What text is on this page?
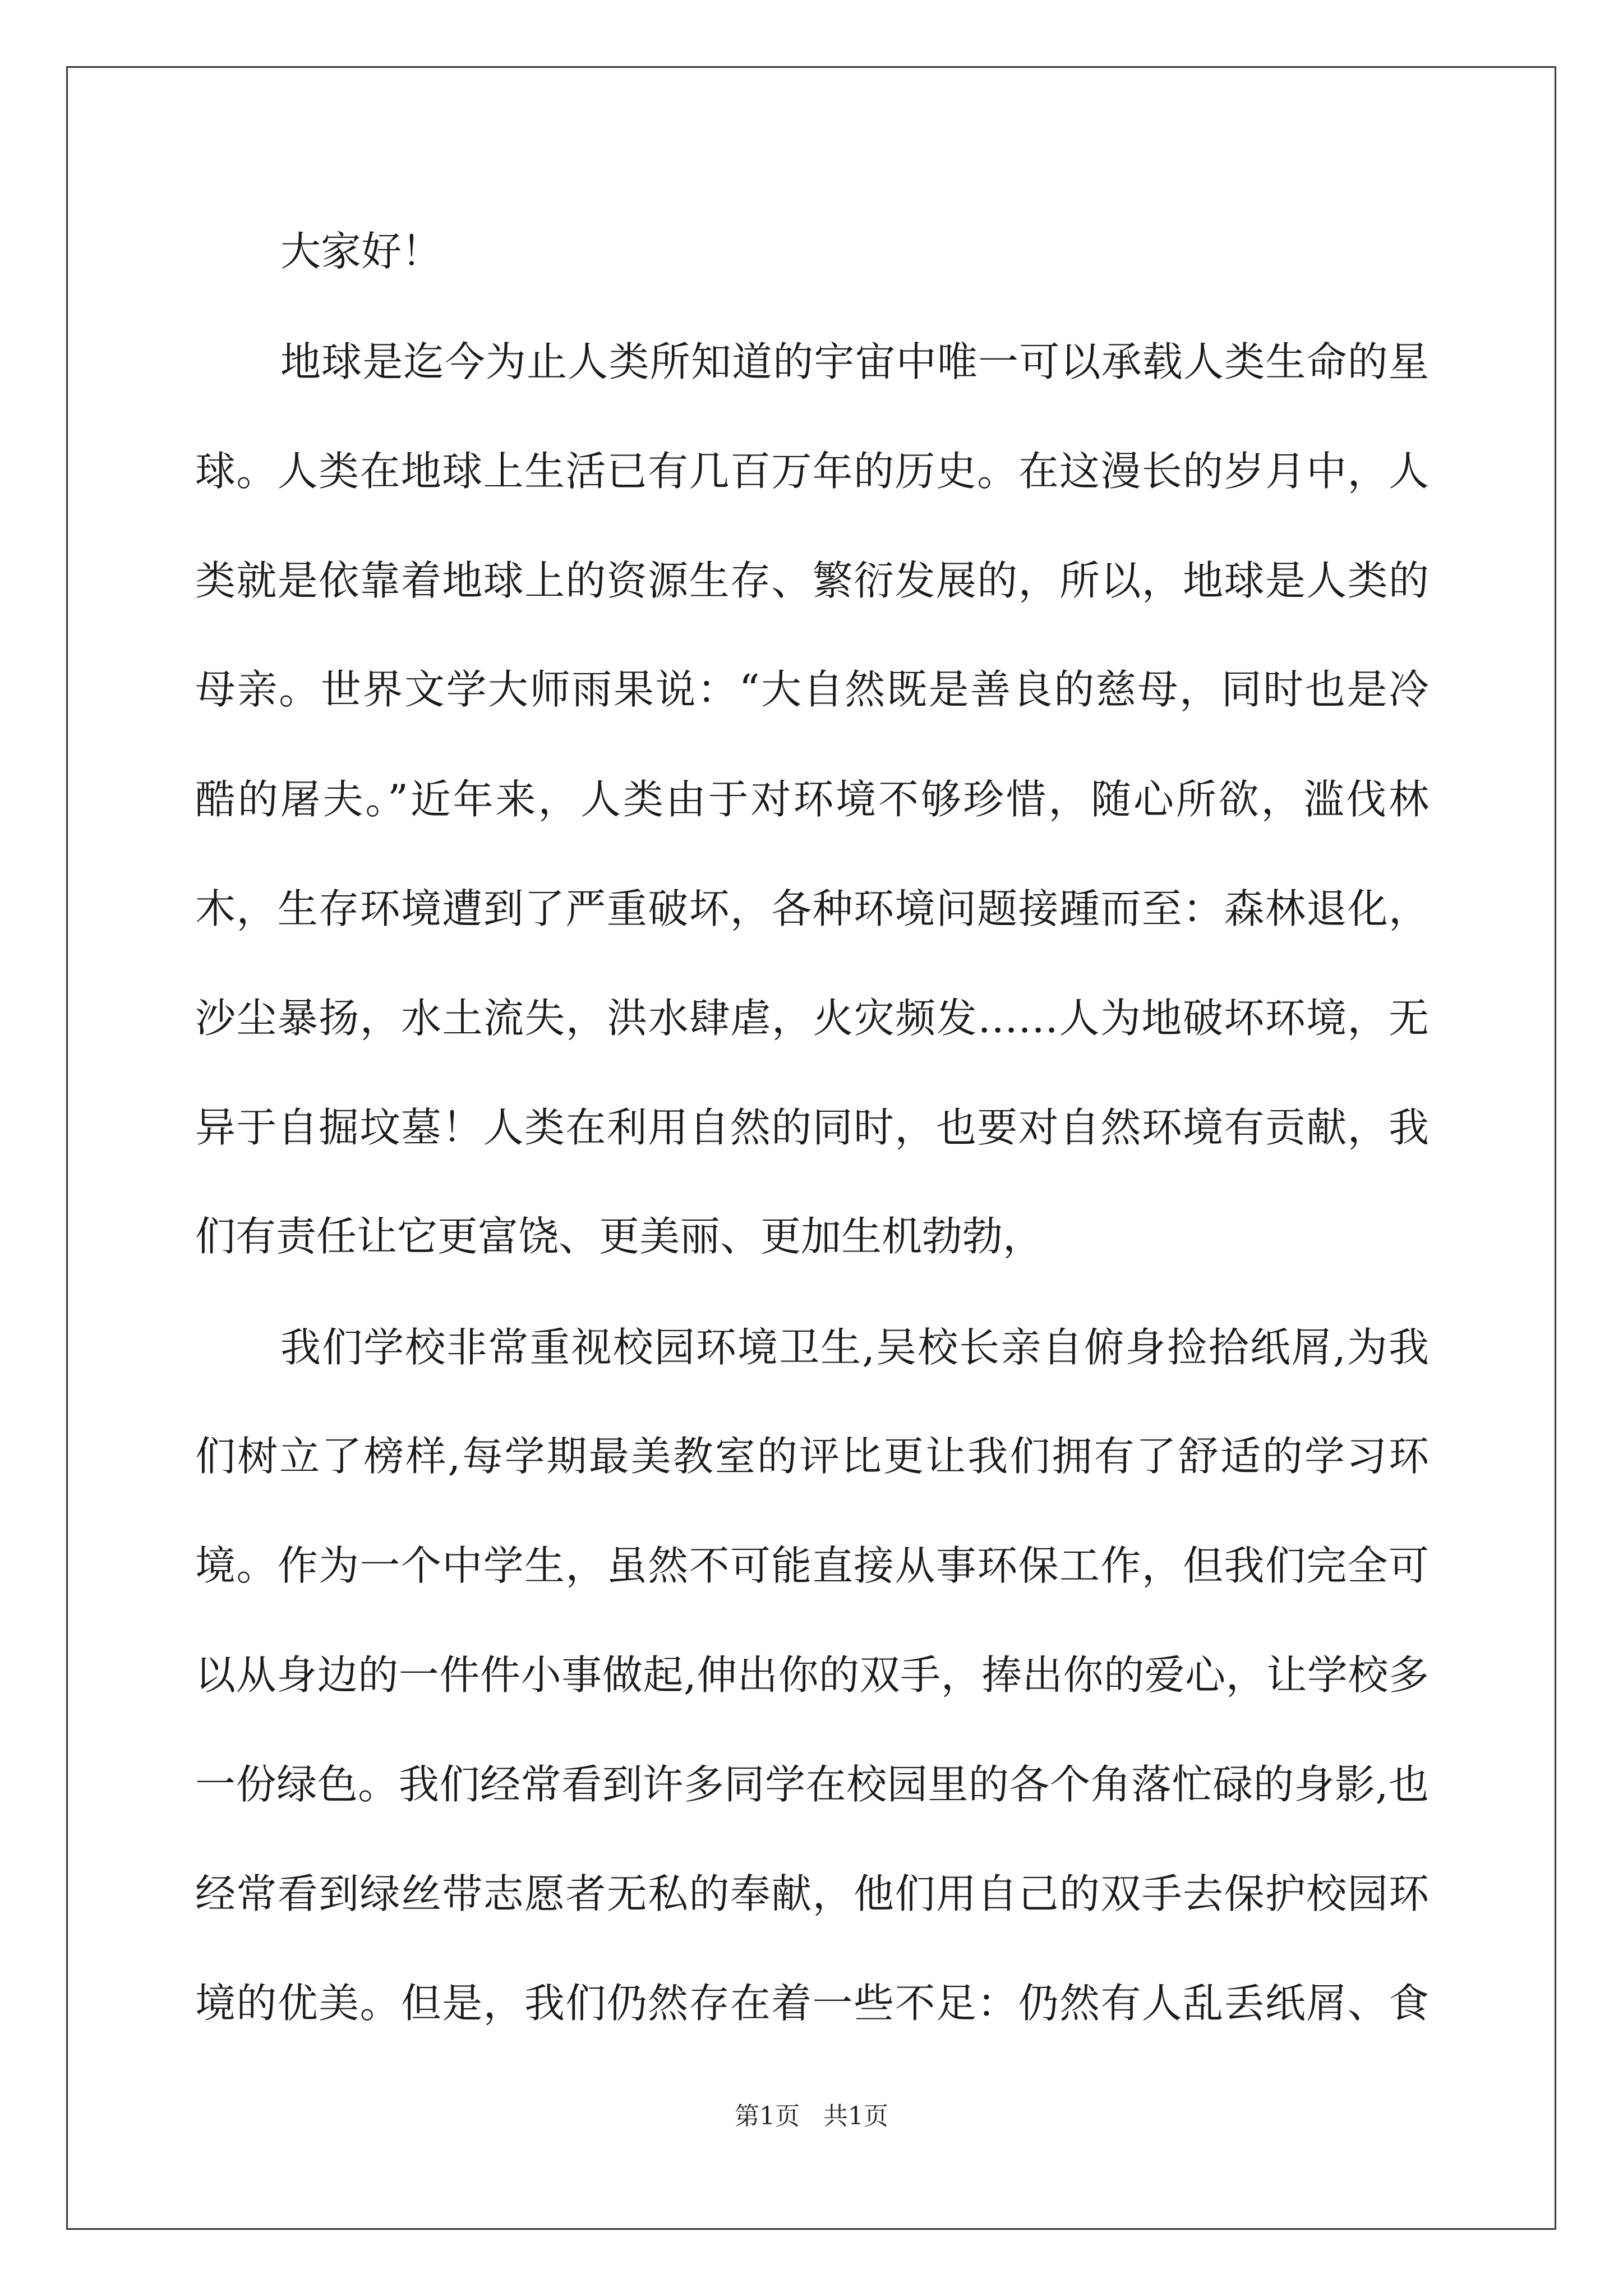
大家好！
地球是迄今为止人类所知道的宇宙中唯一可以承载人类生命的星
球。人类在地球上生活已有几百万年的历史。在这漫长的岁月中，人
类就是依靠着地球上的资源生存、繁衍发展的，所以，地球是人类的
母亲。世界文学大师雨果说：“大自然既是善良的慈母，同时也是冷
酷的屠夫。”近年来，人类由于对环境不够珍惜，随心所欲，滥伐林
木，生存环境遭到了严重破坏，各种环境问题接踵而至：森林退化，
沙尘暴扬，水土流失，洪水肆虐，火灾频发……人为地破坏环境，无
异于自掘坟墓！人类在利用自然的同时，也要对自然环境有贡献，我
们有责任让它更富饶、更美丽、更加生机勃勃，
我们学校非常重视校园环境卫生,吴校长亲自俯身捡拾纸屑,为我
们树立了榜样,每学期最美教室的评比更让我们拥有了舒适的学习环
境。作为一个中学生，虽然不可能直接从事环保工作，但我们完全可
以从身边的一件件小事做起,伸出你的双手，捧出你的爱心，让学校多
一份绿色。我们经常看到许多同学在校园里的各个角落忙碌的身影,也
经常看到绿丝带志愿者无私的奉献，他们用自己的双手去保护校园环
境的优美。但是，我们仍然存在着一些不足：仍然有人乱丢纸屑、食
第1页   共1页
